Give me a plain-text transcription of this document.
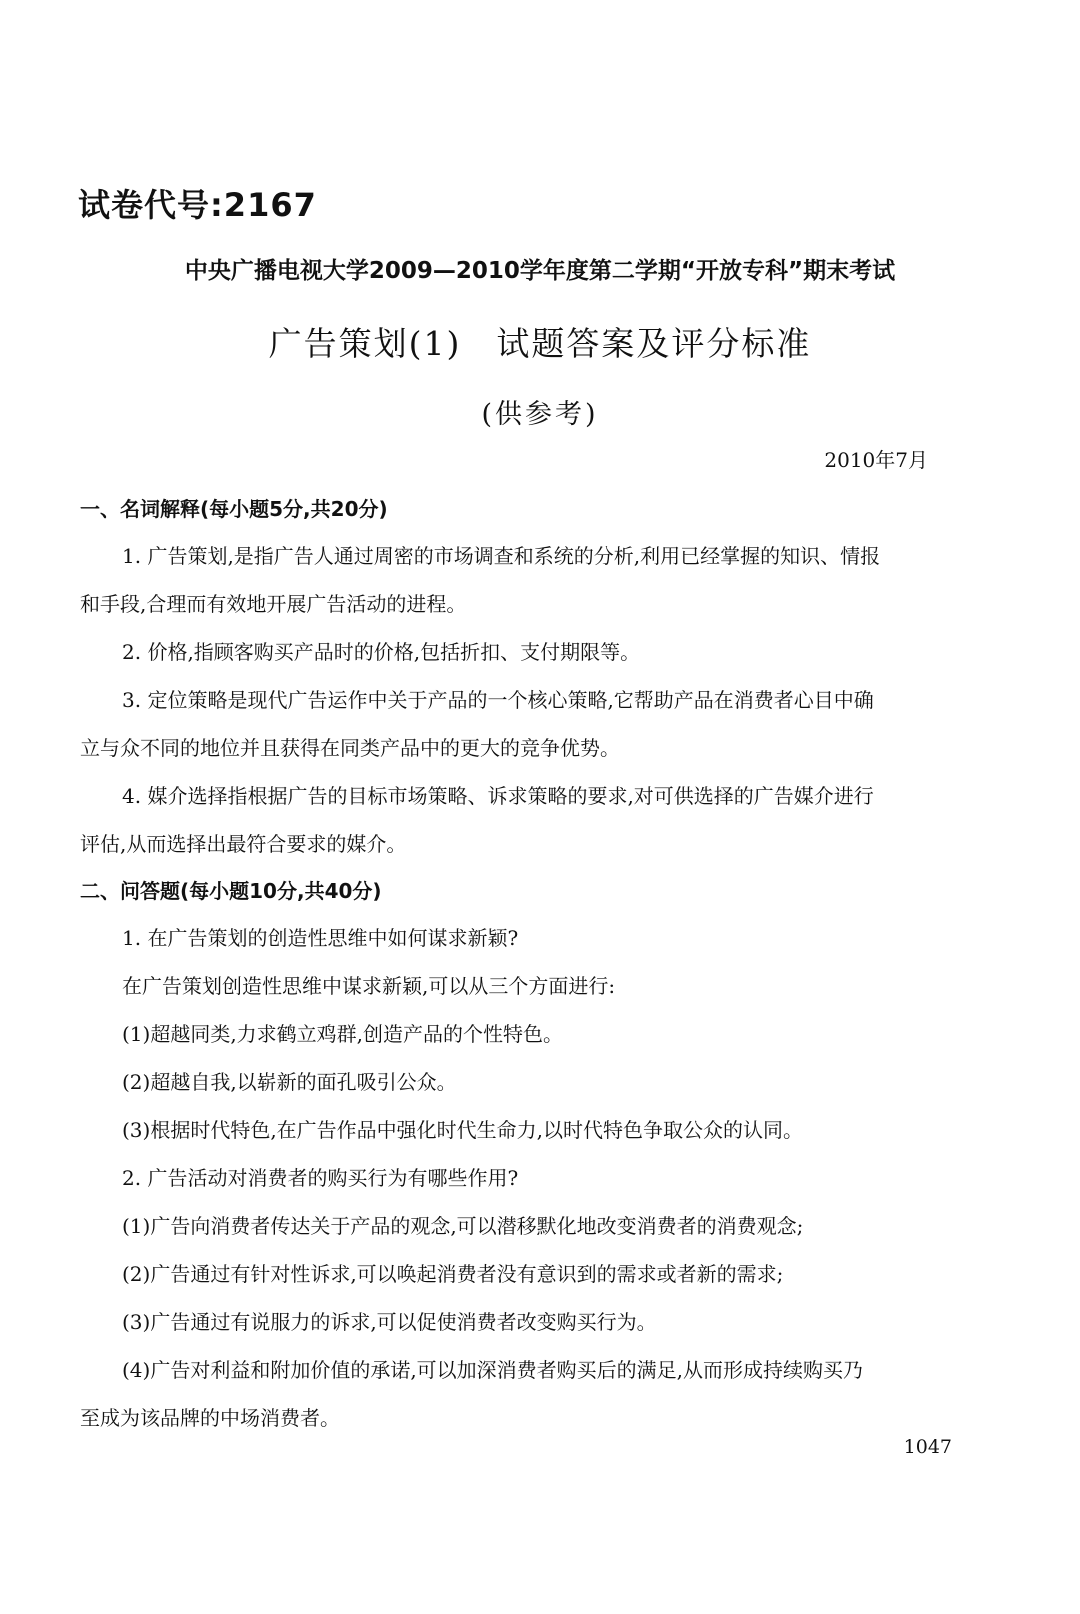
试卷代号:2167
中央广播电视大学2009—2010学年度第二学期“开放专科”期末考试
广告策划(1)　试题答案及评分标准
(供参考)
2010年7月
一、名词解释(每小题5分,共20分)
1. 广告策划,是指广告人通过周密的市场调查和系统的分析,利用已经掌握的知识、情报
和手段,合理而有效地开展广告活动的进程。
2. 价格,指顾客购买产品时的价格,包括折扣、支付期限等。
3. 定位策略是现代广告运作中关于产品的一个核心策略,它帮助产品在消费者心目中确
立与众不同的地位并且获得在同类产品中的更大的竞争优势。
4. 媒介选择指根据广告的目标市场策略、诉求策略的要求,对可供选择的广告媒介进行
评估,从而选择出最符合要求的媒介。
二、问答题(每小题10分,共40分)
1. 在广告策划的创造性思维中如何谋求新颖?
在广告策划创造性思维中谋求新颖,可以从三个方面进行:
(1)超越同类,力求鹤立鸡群,创造产品的个性特色。
(2)超越自我,以崭新的面孔吸引公众。
(3)根据时代特色,在广告作品中强化时代生命力,以时代特色争取公众的认同。
2. 广告活动对消费者的购买行为有哪些作用?
(1)广告向消费者传达关于产品的观念,可以潜移默化地改变消费者的消费观念;
(2)广告通过有针对性诉求,可以唤起消费者没有意识到的需求或者新的需求;
(3)广告通过有说服力的诉求,可以促使消费者改变购买行为。
(4)广告对利益和附加价值的承诺,可以加深消费者购买后的满足,从而形成持续购买乃
至成为该品牌的中场消费者。
1047
